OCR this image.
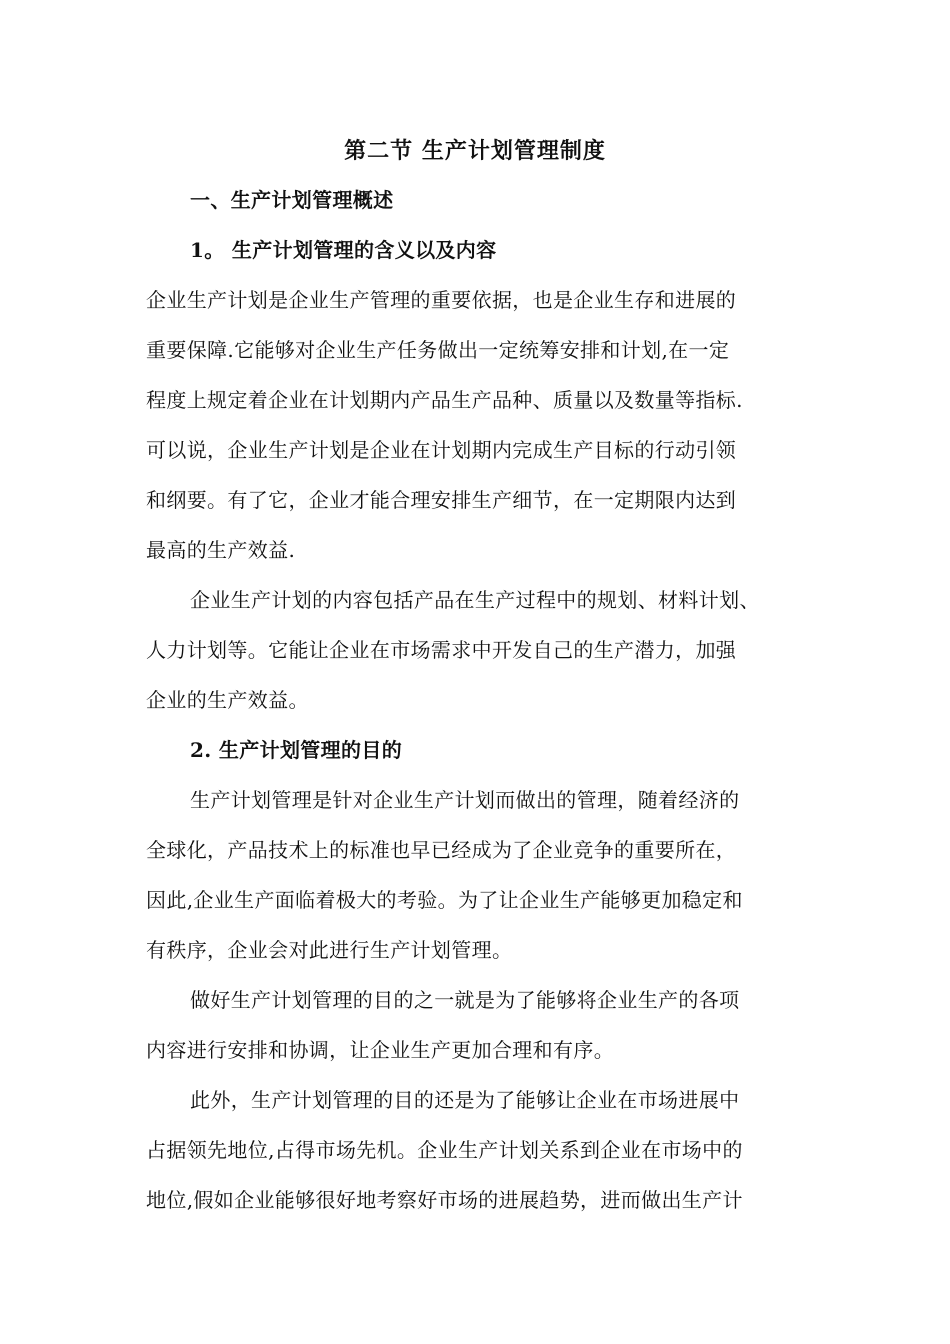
第二节 生产计划管理制度
一、生产计划管理概述
1。 生产计划管理的含义以及内容
企业生产计划是企业生产管理的重要依据，也是企业生存和进展的
重要保障.它能够对企业生产任务做出一定统筹安排和计划,在一定
程度上规定着企业在计划期内产品生产品种、质量以及数量等指标.
可以说，企业生产计划是企业在计划期内完成生产目标的行动引领
和纲要。有了它，企业才能合理安排生产细节，在一定期限内达到
最高的生产效益.
企业生产计划的内容包括产品在生产过程中的规划、材料计划、
人力计划等。它能让企业在市场需求中开发自己的生产潜力，加强
企业的生产效益。
2. 生产计划管理的目的
生产计划管理是针对企业生产计划而做出的管理，随着经济的
全球化，产品技术上的标准也早已经成为了企业竞争的重要所在，
因此,企业生产面临着极大的考验。为了让企业生产能够更加稳定和
有秩序，企业会对此进行生产计划管理。
做好生产计划管理的目的之一就是为了能够将企业生产的各项
内容进行安排和协调，让企业生产更加合理和有序。
此外，生产计划管理的目的还是为了能够让企业在市场进展中
占据领先地位,占得市场先机。企业生产计划关系到企业在市场中的
地位,假如企业能够很好地考察好市场的进展趋势，进而做出生产计
